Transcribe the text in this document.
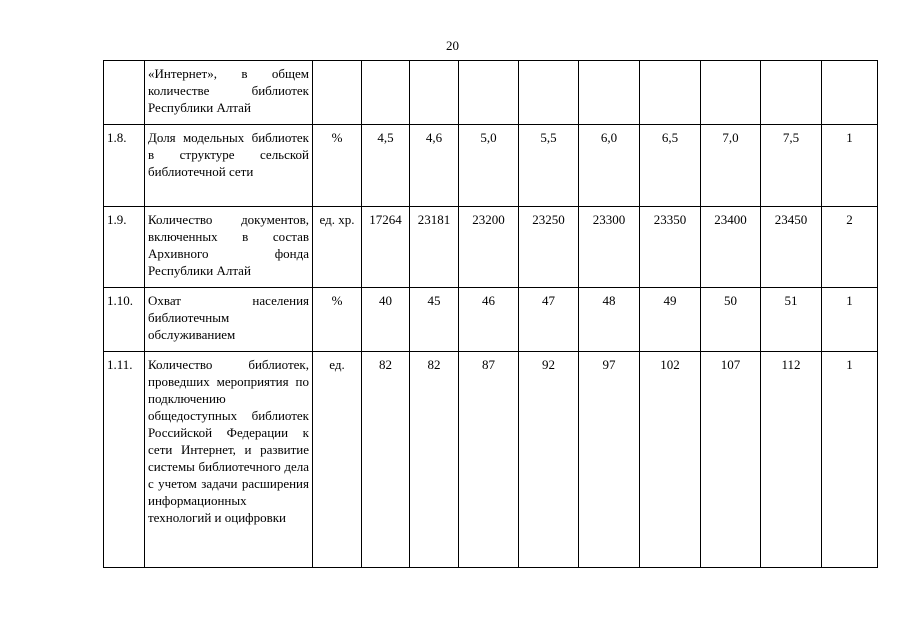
20
	«Интернет», в общем количестве библиотек Республики Алтай										
1.8.	Доля модельных библиотек в структуре сельской библиотечной сети	%	4,5	4,6	5,0	5,5	6,0	6,5	7,0	7,5	1
1.9.	Количество документов, включенных в состав Архивного фонда Республики Алтай	ед. хр.	17264	23181	23200	23250	23300	23350	23400	23450	2
1.10.	Охват населения библиотечным обслуживанием	%	40	45	46	47	48	49	50	51	1
1.11.	Количество библиотек, проведших мероприятия по подключению общедоступных библиотек Российской Федерации к сети Интернет, и развитие системы библиотечного дела с учетом задачи расширения информационных технологий и оцифровки	ед.	82	82	87	92	97	102	107	112	1
